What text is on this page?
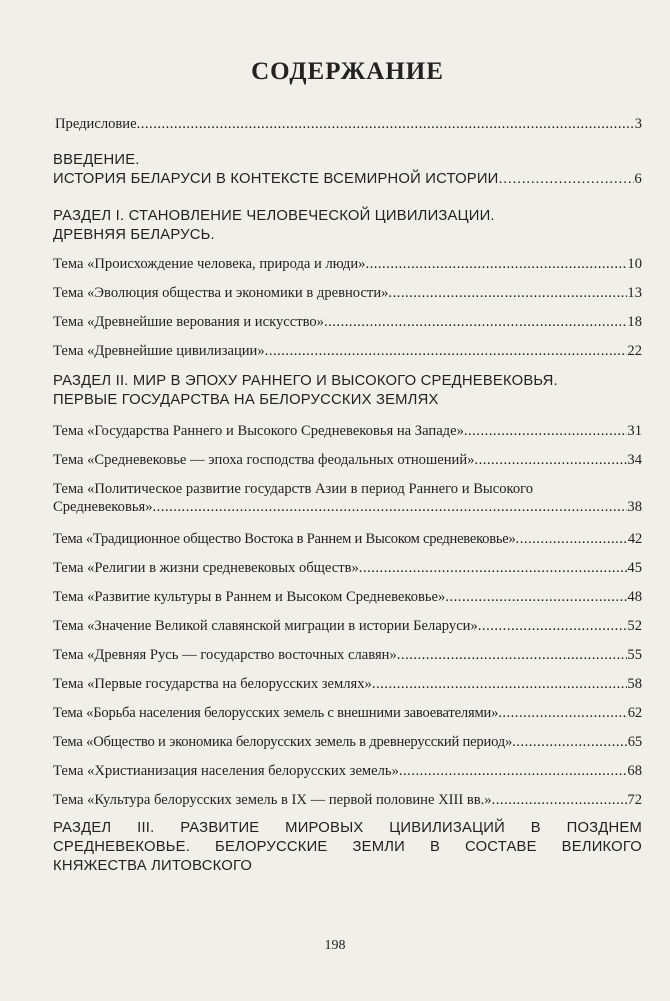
СОДЕРЖАНИЕ
Предисловие .....	3
ВВЕДЕНИЕ.
ИСТОРИЯ БЕЛАРУСИ В КОНТЕКСТЕ ВСЕМИРНОЙ ИСТОРИИ .....	6
РАЗДЕЛ I. СТАНОВЛЕНИЕ ЧЕЛОВЕЧЕСКОЙ ЦИВИЛИЗАЦИИ.
ДРЕВНЯЯ БЕЛАРУСЬ.
Тема «Происхождение человека, природа и люди» .....	10
Тема «Эволюция общества и экономики в древности» .....	13
Тема «Древнейшие верования и искусство» .....	18
Тема «Древнейшие цивилизации» .....	22
РАЗДЕЛ II. МИР В ЭПОХУ РАННЕГО И ВЫСОКОГО СРЕДНЕВЕКОВЬЯ.
ПЕРВЫЕ ГОСУДАРСТВА НА БЕЛОРУССКИХ ЗЕМЛЯХ
Тема «Государства Раннего и Высокого Средневековья на Западе» .....	31
Тема «Средневековье — эпоха господства феодальных отношений» .....	34
Тема «Политическое развитие государств Азии в период Раннего и Высокого
Средневековья» .....	38
Тема «Традиционное общество Востока в Раннем и Высоком средневековье» .....	42
Тема «Религии в жизни средневековых обществ» .....	45
Тема «Развитие культуры в Раннем и Высоком Средневековье» .....	48
Тема «Значение Великой славянской миграции в истории Беларуси» .....	52
Тема «Древняя Русь — государство восточных славян» .....	55
Тема «Первые государства на белорусских землях» .....	58
Тема «Борьба населения белорусских земель с внешними завоевателями» .....	62
Тема «Общество и экономика белорусских земель в древнерусский период» .....	65
Тема «Христианизация населения белорусских земель» .....	68
Тема «Культура белорусских земель в IX — первой половине XIII вв.» .....	72
РАЗДЕЛ III. РАЗВИТИЕ МИРОВЫХ ЦИВИЛИЗАЦИЙ В ПОЗДНЕМ
СРЕДНЕВЕКОВЬЕ. БЕЛОРУССКИЕ ЗЕМЛИ В СОСТАВЕ ВЕЛИКОГО
КНЯЖЕСТВА ЛИТОВСКОГО
198
